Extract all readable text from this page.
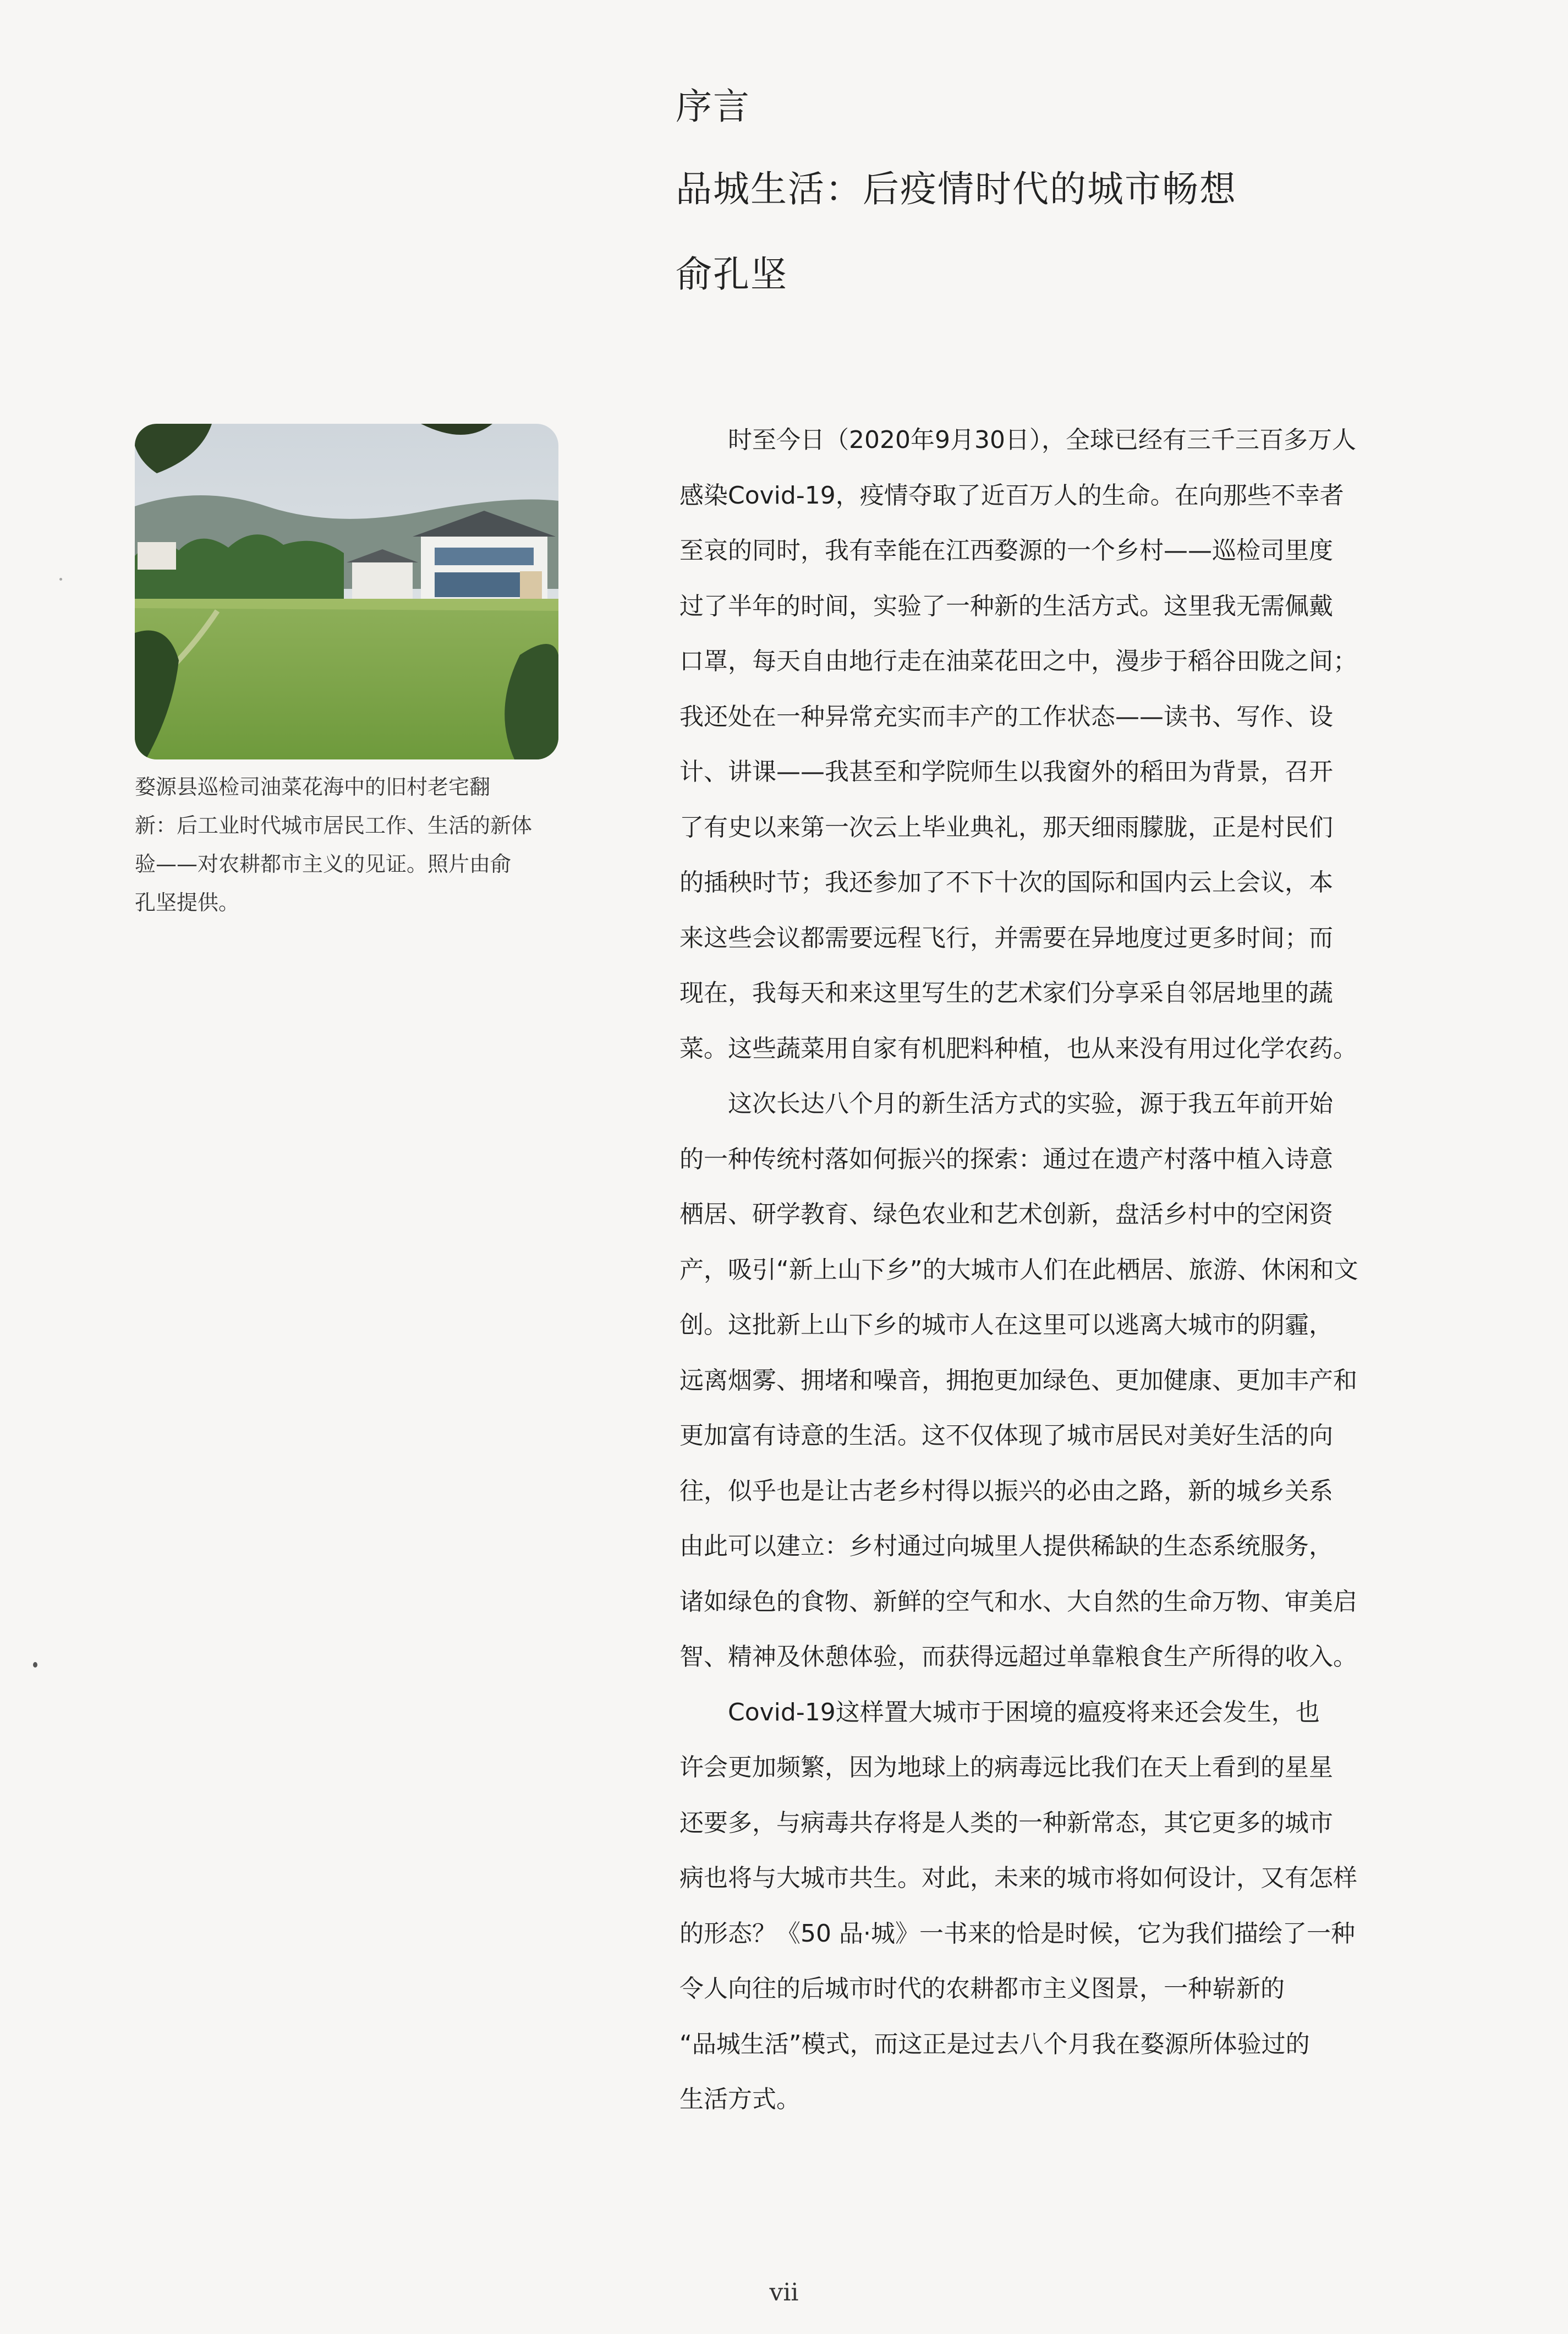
序言
品城生活：后疫情时代的城市畅想
俞孔坚
婺源县巡检司油菜花海中的旧村老宅翻
新：后工业时代城市居民工作、生活的新体
验——对农耕都市主义的见证。照片由俞
孔坚提供。
时至今日（2020年9月30日），全球已经有三千三百多万人
感染Covid-19，疫情夺取了近百万人的生命。在向那些不幸者
至哀的同时，我有幸能在江西婺源的一个乡村——巡检司里度
过了半年的时间，实验了一种新的生活方式。这里我无需佩戴
口罩，每天自由地行走在油菜花田之中，漫步于稻谷田陇之间；
我还处在一种异常充实而丰产的工作状态——读书、写作、设
计、讲课——我甚至和学院师生以我窗外的稻田为背景，召开
了有史以来第一次云上毕业典礼，那天细雨朦胧，正是村民们
的插秧时节；我还参加了不下十次的国际和国内云上会议，本
来这些会议都需要远程飞行，并需要在异地度过更多时间；而
现在，我每天和来这里写生的艺术家们分享采自邻居地里的蔬
菜。这些蔬菜用自家有机肥料种植，也从来没有用过化学农药。
这次长达八个月的新生活方式的实验，源于我五年前开始
的一种传统村落如何振兴的探索：通过在遗产村落中植入诗意
栖居、研学教育、绿色农业和艺术创新，盘活乡村中的空闲资
产，吸引“新上山下乡”的大城市人们在此栖居、旅游、休闲和文
创。这批新上山下乡的城市人在这里可以逃离大城市的阴霾，
远离烟雾、拥堵和噪音，拥抱更加绿色、更加健康、更加丰产和
更加富有诗意的生活。这不仅体现了城市居民对美好生活的向
往，似乎也是让古老乡村得以振兴的必由之路，新的城乡关系
由此可以建立：乡村通过向城里人提供稀缺的生态系统服务，
诸如绿色的食物、新鲜的空气和水、大自然的生命万物、审美启
智、精神及休憩体验，而获得远超过单靠粮食生产所得的收入。
Covid-19这样置大城市于困境的瘟疫将来还会发生，也
许会更加频繁，因为地球上的病毒远比我们在天上看到的星星
还要多，与病毒共存将是人类的一种新常态，其它更多的城市
病也将与大城市共生。对此，未来的城市将如何设计，又有怎样
的形态？《50 品·城》一书来的恰是时候，它为我们描绘了一种
令人向往的后城市时代的农耕都市主义图景，一种崭新的
“品城生活”模式，而这正是过去八个月我在婺源所体验过的
生活方式。
vii
